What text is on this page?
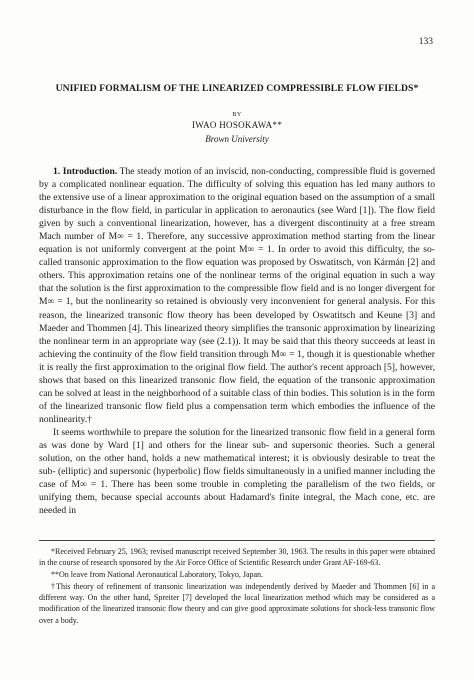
133
UNIFIED FORMALISM OF THE LINEARIZED COMPRESSIBLE FLOW FIELDS*
BY
IWAO HOSOKAWA**
Brown University

1. Introduction. The steady motion of an inviscid, non-conducting, compressible fluid is governed by a complicated nonlinear equation. The difficulty of solving this equation has led many authors to the extensive use of a linear approximation to the original equation based on the assumption of a small disturbance in the flow field, in particular in application to aeronautics (see Ward [1]). The flow field given by such a conventional linearization, however, has a divergent discontinuity at a free stream Mach number of M∞ = 1. Therefore, any successive approximation method starting from the linear equation is not uniformly convergent at the point M∞ = 1. In order to avoid this difficulty, the so-called transonic approximation to the flow equation was proposed by Oswatitsch, von Kármán [2] and others. This approximation retains one of the nonlinear terms of the original equation in such a way that the solution is the first approximation to the compressible flow field and is no longer divergent for M∞ = 1, but the nonlinearity so retained is obviously very inconvenient for general analysis. For this reason, the linearized transonic flow theory has been developed by Oswatitsch and Keune [3] and Maeder and Thommen [4]. This linearized theory simplifies the transonic approximation by linearizing the nonlinear term in an appropriate way (see (2.1)). It may be said that this theory succeeds at least in achieving the continuity of the flow field transition through M∞ = 1, though it is questionable whether it is really the first approximation to the original flow field. The author's recent approach [5], however, shows that based on this linearized transonic flow field, the equation of the transonic approximation can be solved at least in the neighborhood of a suitable class of thin bodies. This solution is in the form of the linearized transonic flow field plus a compensation term which embodies the influence of the nonlinearity.†

It seems worthwhile to prepare the solution for the linearized transonic flow field in a general form as was done by Ward [1] and others for the linear sub- and supersonic theories. Such a general solution, on the other hand, holds a new mathematical interest; it is obviously desirable to treat the sub- (elliptic) and supersonic (hyperbolic) flow fields simultaneously in a unified manner including the case of M∞ = 1. There has been some trouble in completing the parallelism of the two fields, or unifying them, because special accounts about Hadamard's finite integral, the Mach cone, etc. are needed in

*Received February 25, 1963; revised manuscript received September 30, 1963. The results in this paper were obtained in the course of research sponsored by the Air Force Office of Scientific Research under Grant AF-169-63.

**On leave from National Aeronautical Laboratory, Tokyo, Japan.

†This theory of refinement of transonic linearization was independently derived by Maeder and Thommen [6] in a different way. On the other hand, Spreiter [7] developed the local linearization method which may be considered as a modification of the linearized transonic flow theory and can give good approximate solutions for shock-less transonic flow over a body.
